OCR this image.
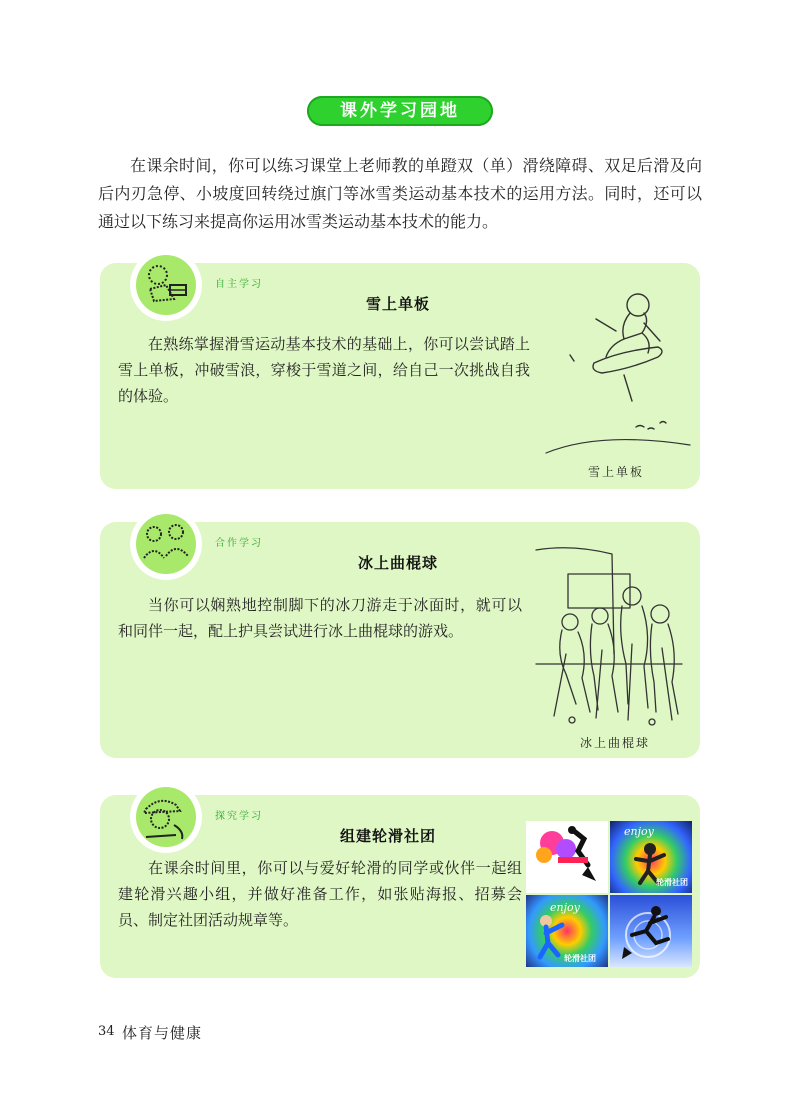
课外学习园地
在课余时间，你可以练习课堂上老师教的单蹬双（单）滑绕障碍、双足后滑及向后内刃急停、小坡度回转绕过旗门等冰雪类运动基本技术的运用方法。同时，还可以通过以下练习来提高你运用冰雪类运动基本技术的能力。
自主学习
雪上单板
在熟练掌握滑雪运动基本技术的基础上，你可以尝试踏上雪上单板，冲破雪浪，穿梭于雪道之间，给自己一次挑战自我的体验。
雪上单板
合作学习
冰上曲棍球
当你可以娴熟地控制脚下的冰刀游走于冰面时，就可以和同伴一起，配上护具尝试进行冰上曲棍球的游戏。
冰上曲棍球
探究学习
组建轮滑社团
在课余时间里，你可以与爱好轮滑的同学或伙伴一起组建轮滑兴趣小组，并做好准备工作，如张贴海报、招募会员、制定社团活动规章等。
enjoy
轮滑社团
enjoy
轮滑社团
34 体育与健康
